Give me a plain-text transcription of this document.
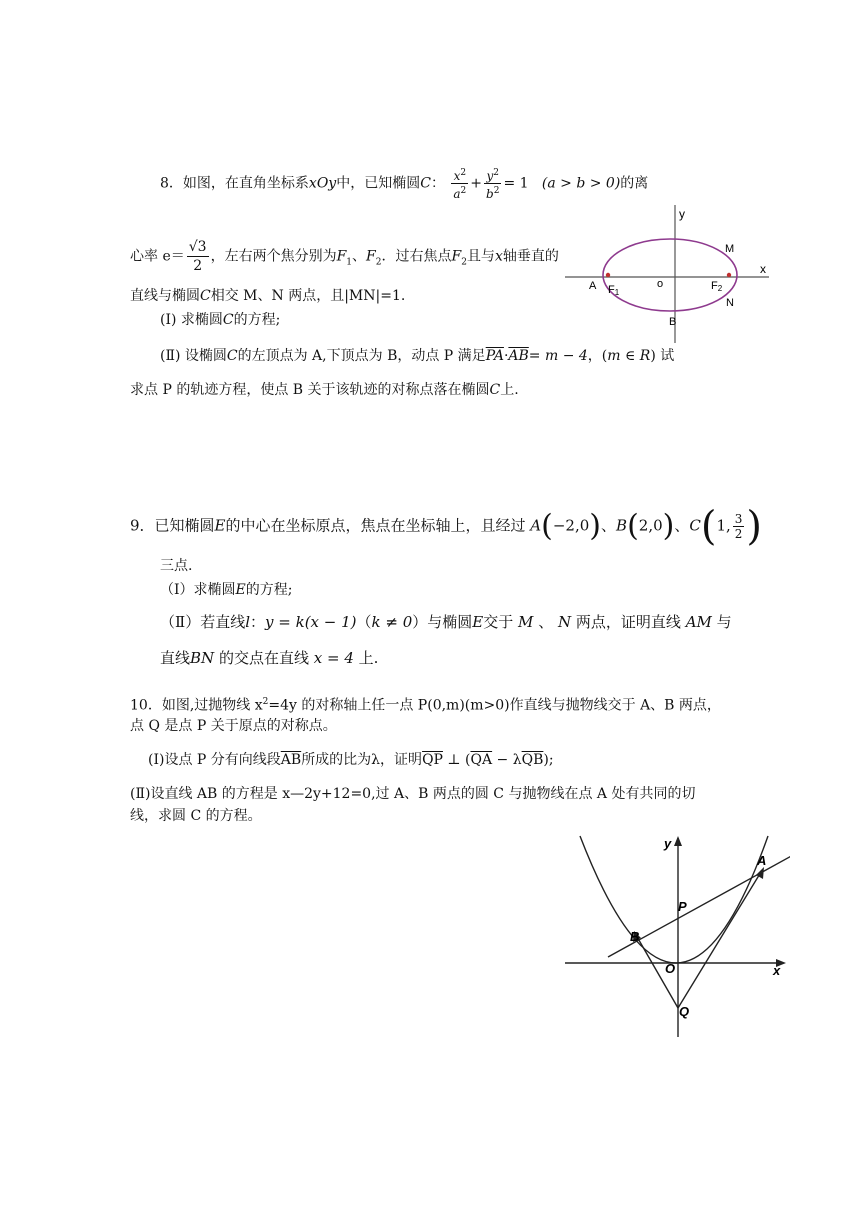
8．如图，在直角坐标系xOy中，已知椭圆C： $\frac{x^2}{a^2} + \frac{y^2}{b^2} = 1$ (a > b > 0)的离
心率 $e= \frac{√3}{2}$ ，左右两个焦分别为$F_1$、$F_2$．过右焦点$F_2$且与x轴垂直的
直线与椭圆C相交 M、N 两点，且|MN|=1.
(Ⅰ) 求椭圆C的方程;
(Ⅱ) 设椭圆C的左顶点为 A,下顶点为 B，动点 P 满足$\overline{PA}\cdot\overline{AB}= m - 4$，(m ∈ R) 试
求点 P 的轨迹方程，使点 B 关于该轨迹的对称点落在椭圆C上.
y
x
M
N
A F1
o	F2
B
9．已知椭圆E的中心在坐标原点，焦点在坐标轴上，且经过 A(−2,0)、B(2,0)、C(1, $\frac{3}{2}$ )
三点.
（Ⅰ）求椭圆E的方程;
（Ⅱ）若直线l：y = k(x − 1)（k ≠ 0）与椭圆E交于 M 、 N 两点，证明直线 AM 与
直线BN 的交点在直线 x = 4 上.
10．如图,过抛物线 $x^2=4y$ 的对称轴上任一点 P(0,m)(m>0)作直线与抛物线交于 A、B 两点，
点 Q 是点 P 关于原点的对称点。
(Ⅰ)设点 P 分有向线段$\overline{AB}$所成的比为λ，证明$\overline{QP}$ ⊥ $(\overline{QA} - \lambda\overline{QB})$;
(Ⅱ)设直线 AB 的方程是 x—2y+12=0,过 A、B 两点的圆 C 与抛物线在点 A 处有共同的切
线，求圆 C 的方程。
y
A
P
B
O	x
Q
